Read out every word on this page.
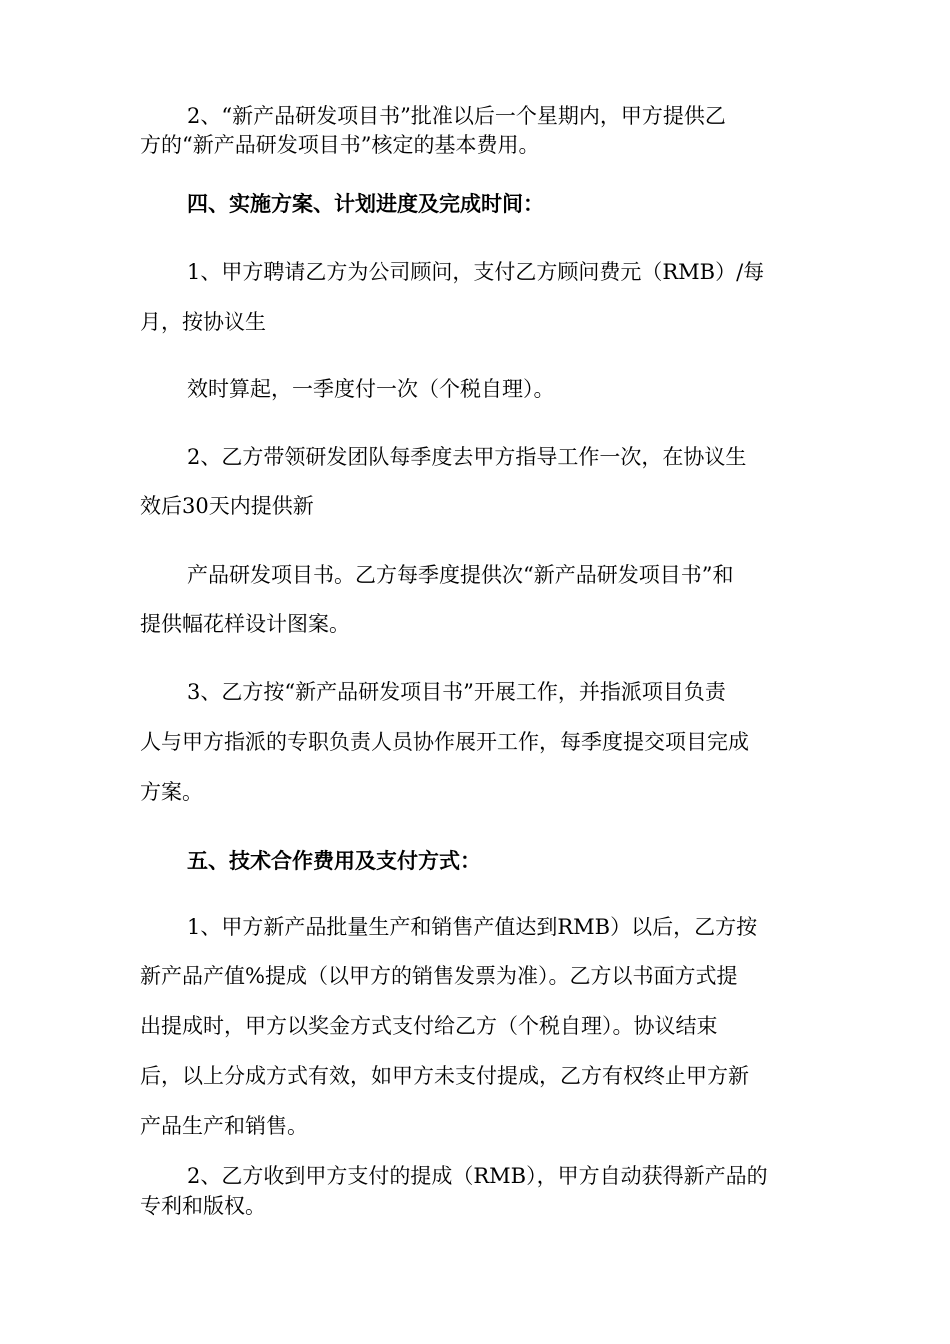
2、“新产品研发项目书”批准以后一个星期内，甲方提供乙
方的“新产品研发项目书”核定的基本费用。
四、实施方案、计划进度及完成时间：
1、甲方聘请乙方为公司顾问，支付乙方顾问费元（RMB）/每
月，按协议生
效时算起，一季度付一次（个税自理）。
2、乙方带领研发团队每季度去甲方指导工作一次，在协议生
效后30天内提供新
产品研发项目书。乙方每季度提供次“新产品研发项目书”和
提供幅花样设计图案。
3、乙方按“新产品研发项目书”开展工作，并指派项目负责
人与甲方指派的专职负责人员协作展开工作，每季度提交项目完成
方案。
五、技术合作费用及支付方式：
1、甲方新产品批量生产和销售产值达到RMB）以后，乙方按
新产品产值%提成（以甲方的销售发票为准）。乙方以书面方式提
出提成时，甲方以奖金方式支付给乙方（个税自理）。协议结束
后，以上分成方式有效，如甲方未支付提成，乙方有权终止甲方新
产品生产和销售。
2、乙方收到甲方支付的提成（RMB），甲方自动获得新产品的
专利和版权。
